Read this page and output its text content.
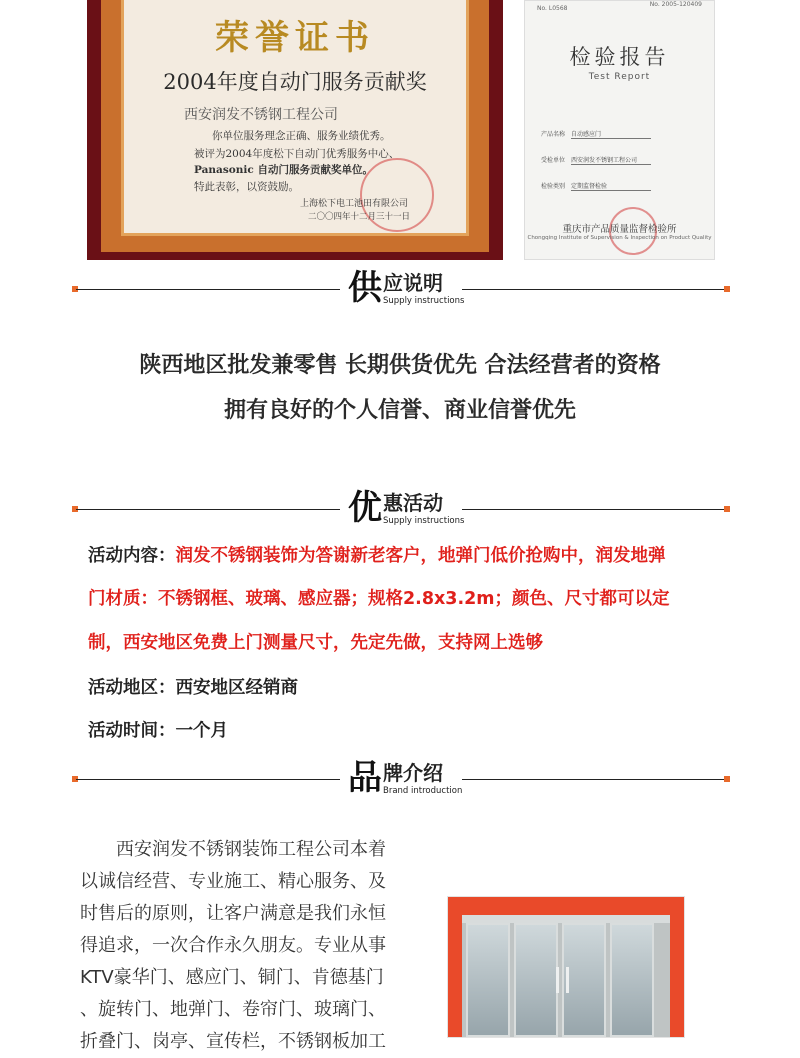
荣誉证书
2004年度自动门服务贡献奖
西安润发不锈钢工程公司
你单位服务理念正确、服务业绩优秀。
被评为2004年度松下自动门优秀服务中心、
Panasonic 自动门服务贡献奖单位。
特此表彰，以资鼓励。
上海松下电工池田有限公司
二〇〇四年十二月三十一日
No. L0568
No. 2005-120409
检验报告
Test Report
产品名称 自动感应门
受检单位 西安润发不锈钢工程公司
检验类别 定期监督检验
重庆市产品质量监督检验所
Chongqing Institute of Supervision & Inspection on Product Quality
供 应说明
Supply instructions
陕西地区批发兼零售 长期供货优先 合法经营者的资格
拥有良好的个人信誉、商业信誉优先
优 惠活动
Supply instructions
活动内容：润发不锈钢装饰为答谢新老客户，地弹门低价抢购中，润发地弹
门材质：不锈钢框、玻璃、感应器；规格2.8x3.2m；颜色、尺寸都可以定
制，西安地区免费上门测量尺寸，先定先做，支持网上选够
活动地区：西安地区经销商
活动时间：一个月
品 牌介绍
Brand introduction

　　西安润发不锈钢装饰工程公司本着

以诚信经营、专业施工、精心服务、及

时售后的原则，让客户满意是我们永恒

得追求，一次合作永久朋友。专业从事

KTV豪华门、感应门、铜门、肯德基门

、旋转门、地弹门、卷帘门、玻璃门、

折叠门、岗亭、宣传栏，不锈钢板加工
